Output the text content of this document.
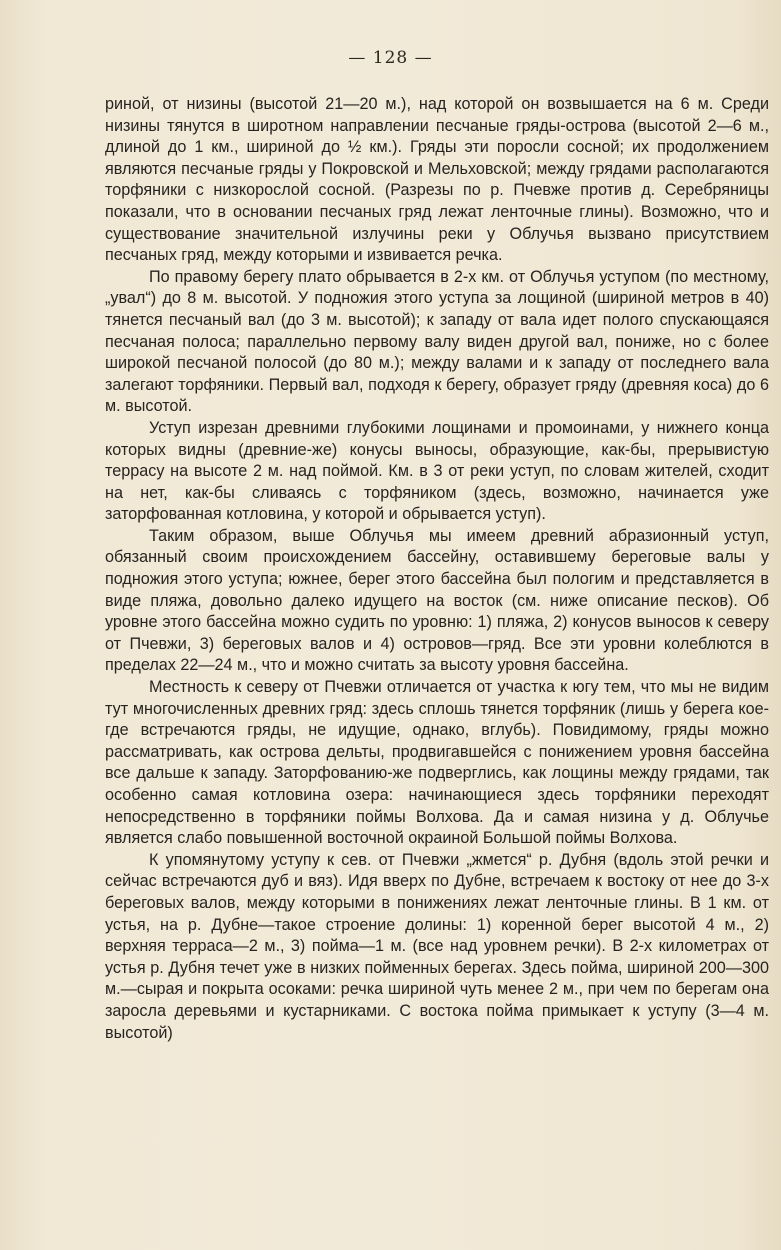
— 128 —

риной, от низины (высотой 21—20 м.), над которой он возвышается на 6 м. Среди низины тянутся в широтном направлении песчаные гряды-острова (высотой 2—6 м., длиной до 1 км., шириной до ½ км.). Гряды эти поросли сосной; их продолжением являются песчаные гряды у Покровской и Мельховской; между грядами располагаются торфяники с низкорослой сосной. (Разрезы по р. Пчевже против д. Серебряницы показали, что в основании песчаных гряд лежат ленточные глины). Возможно, что и существование значительной излучины реки у Облучья вызвано присутствием песчаных гряд, между которыми и извивается речка.

По правому берегу плато обрывается в 2-х км. от Облучья уступом (по местному, „увал“) до 8 м. высотой. У подножия этого уступа за лощиной (шириной метров в 40) тянется песчаный вал (до 3 м. высотой); к западу от вала идет полого спускающаяся песчаная полоса; параллельно первому валу виден другой вал, пониже, но с более широкой песчаной полосой (до 80 м.); между валами и к западу от последнего вала залегают торфяники. Первый вал, подходя к берегу, образует гряду (древняя коса) до 6 м. высотой.

Уступ изрезан древними глубокими лощинами и промоинами, у нижнего конца которых видны (древние-же) конусы выносы, образующие, как-бы, прерывистую террасу на высоте 2 м. над поймой. Км. в 3 от реки уступ, по словам жителей, сходит на нет, как-бы сливаясь с торфяником (здесь, возможно, начинается уже заторфованная котловина, у которой и обрывается уступ).

Таким образом, выше Облучья мы имеем древний абразионный уступ, обязанный своим происхождением бассейну, оставившему береговые валы у подножия этого уступа; южнее, берег этого бассейна был пологим и представляется в виде пляжа, довольно далеко идущего на восток (см. ниже описание песков). Об уровне этого бассейна можно судить по уровню: 1) пляжа, 2) конусов выносов к северу от Пчевжи, 3) береговых валов и 4) островов—гряд. Все эти уровни колеблются в пределах 22—24 м., что и можно считать за высоту уровня бассейна.

Местность к северу от Пчевжи отличается от участка к югу тем, что мы не видим тут многочисленных древних гряд: здесь сплошь тянется торфяник (лишь у берега кое-где встречаются гряды, не идущие, однако, вглубь). Повидимому, гряды можно рассматривать, как острова дельты, продвигавшейся с понижением уровня бассейна все дальше к западу. Заторфованию-же подверглись, как лощины между грядами, так особенно самая котловина озера: начинающиеся здесь торфяники переходят непосредственно в торфяники поймы Волхова. Да и самая низина у д. Облучье является слабо повышенной восточной окраиной Большой поймы Волхова.

К упомянутому уступу к сев. от Пчевжи „жмется“ р. Дубня (вдоль этой речки и сейчас встречаются дуб и вяз). Идя вверх по Дубне, встречаем к востоку от нее до 3-х береговых валов, между которыми в понижениях лежат ленточные глины. В 1 км. от устья, на р. Дубне—такое строение долины: 1) коренной берег высотой 4 м., 2) верхняя терраса—2 м., 3) пойма—1 м. (все над уровнем речки). В 2-х километрах от устья р. Дубня течет уже в низких пойменных берегах. Здесь пойма, шириной 200—300 м.—сырая и покрыта осоками: речка шириной чуть менее 2 м., при чем по берегам она заросла деревьями и кустарниками. С востока пойма примыкает к уступу (3—4 м. высотой)
